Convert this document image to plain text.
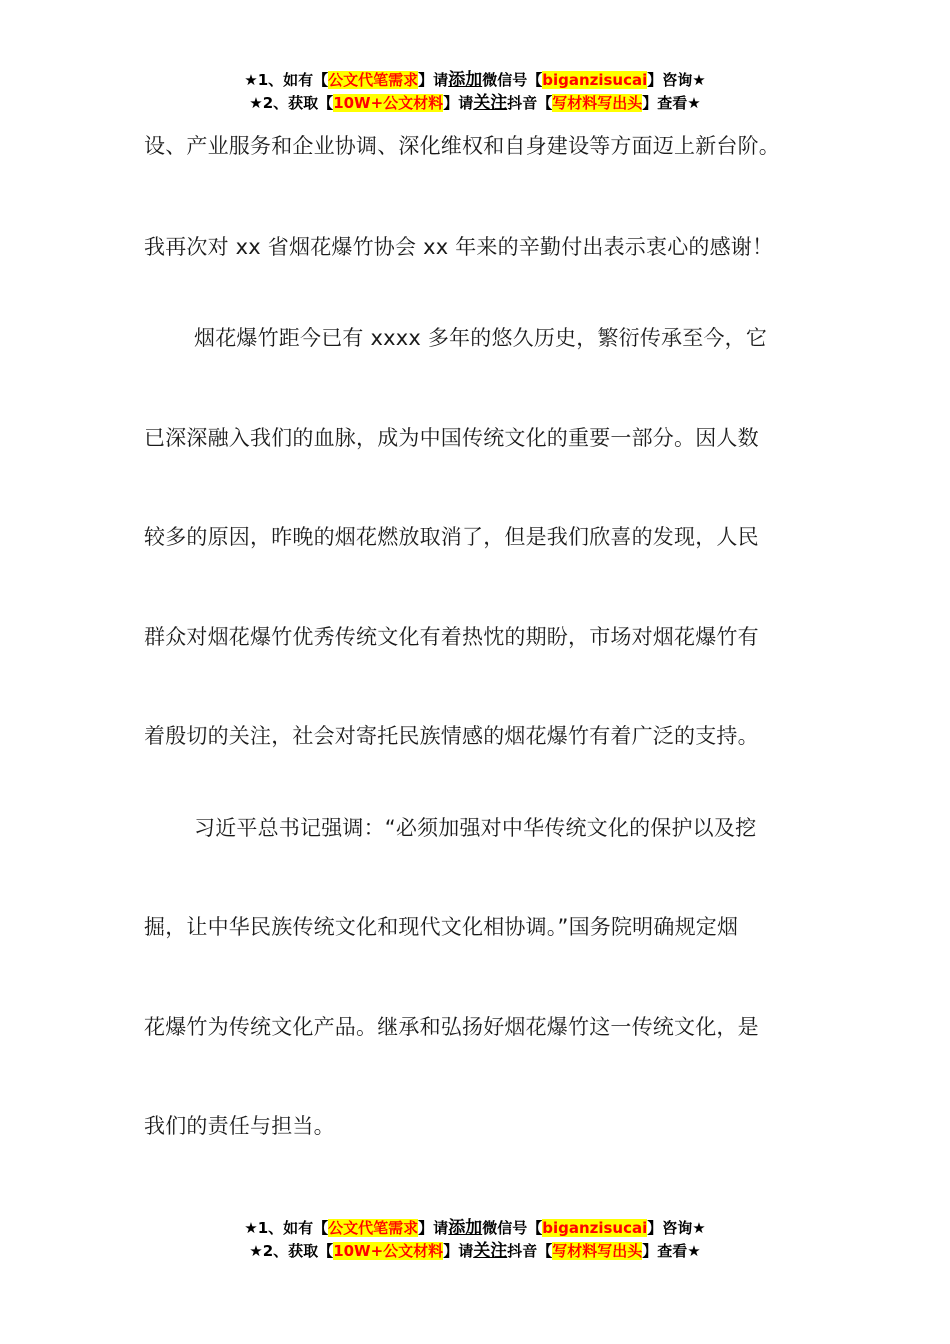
★1、如有【公文代笔需求】请添加微信号【biganzisucai】咨询★
★2、获取【10W+公文材料】请关注抖音【写材料写出头】查看★
设、产业服务和企业协调、深化维权和自身建设等方面迈上新台阶。
我再次对 xx 省烟花爆竹协会 xx 年来的辛勤付出表示衷心的感谢！
烟花爆竹距今已有 xxxx 多年的悠久历史，繁衍传承至今，它
已深深融入我们的血脉，成为中国传统文化的重要一部分。因人数
较多的原因，昨晚的烟花燃放取消了，但是我们欣喜的发现，人民
群众对烟花爆竹优秀传统文化有着热忱的期盼，市场对烟花爆竹有
着殷切的关注，社会对寄托民族情感的烟花爆竹有着广泛的支持。
习近平总书记强调：“必须加强对中华传统文化的保护以及挖
掘，让中华民族传统文化和现代文化相协调。”国务院明确规定烟
花爆竹为传统文化产品。继承和弘扬好烟花爆竹这一传统文化，是
我们的责任与担当。
★1、如有【公文代笔需求】请添加微信号【biganzisucai】咨询★
★2、获取【10W+公文材料】请关注抖音【写材料写出头】查看★
